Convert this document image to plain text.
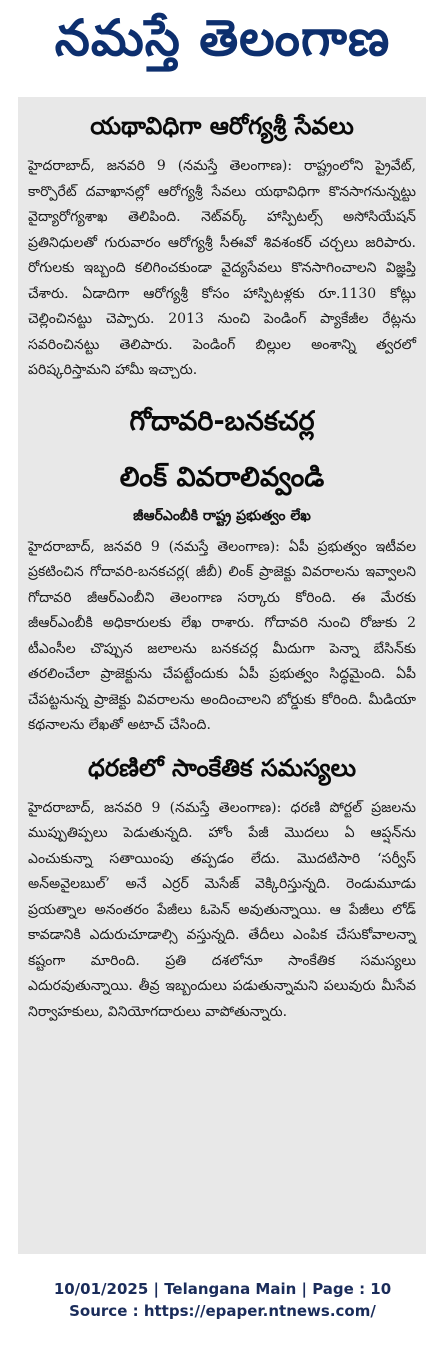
నమస్తే తెలంగాణ
యథావిధిగా ఆరోగ్యశ్రీ సేవలు

హైదరాబాద్, జనవరి 9 (నమస్తే తెలంగాణ): రాష్ట్రంలోని ప్రైవేట్, కార్పొరేట్ దవాఖానల్లో ఆరోగ్యశ్రీ సేవలు యథావిధిగా కొనసాగనున్నట్టు వైద్యారోగ్యశాఖ తెలిపింది. నెట్‌వర్క్ హాస్పిటల్స్ అసోసియేషన్ ప్రతినిధులతో గురువారం ఆరోగ్యశ్రీ సీఈవో శివశంకర్ చర్చలు జరిపారు. రోగులకు ఇబ్బంది కలిగించకుండా వైద్యసేవలు కొనసాగించాలని విజ్ఞప్తి చేశారు. ఏడాదిగా ఆరోగ్యశ్రీ కోసం హాస్పిటళ్లకు రూ.1130 కోట్లు చెల్లించినట్టు చెప్పారు. 2013 నుంచి పెండింగ్ ప్యాకేజీల రేట్లను సవరించినట్టు తెలిపారు. పెండింగ్ బిల్లుల అంశాన్ని త్వరలో పరిష్కరిస్తామని హామీ ఇచ్చారు.

గోదావరి-బనకచర్ల
లింక్ వివరాలివ్వండి
జీఆర్‌ఎంబీకి రాష్ట్ర ప్రభుత్వం లేఖ

హైదరాబాద్, జనవరి 9 (నమస్తే తెలంగాణ): ఏపీ ప్రభుత్వం ఇటీవల ప్రకటించిన గోదావరి-బనకచర్ల( జీబీ) లింక్ ప్రాజెక్టు వివరాలను ఇవ్వాలని గోదావరి జీఆర్‌ఎంబీని తెలంగాణ సర్కారు కోరింది. ఈ మేరకు జీఆర్‌ఎంబీకి అధికారులకు లేఖ రాశారు. గోదావరి నుంచి రోజుకు 2 టీఎంసీల చొప్పున జలాలను బనకచర్ల మీదుగా పెన్నా బేసిన్‌కు తరలించేలా ప్రాజెక్టును చేపట్టేందుకు ఏపీ ప్రభుత్వం సిద్ధమైంది. ఏపీ చేపట్టనున్న ప్రాజెక్టు వివరాలను అందించాలని బోర్డుకు కోరింది. మీడియా కథనాలను లేఖతో అటాచ్ చేసింది.

ధరణిలో సాంకేతిక సమస్యలు

హైదరాబాద్, జనవరి 9 (నమస్తే తెలంగాణ): ధరణి పోర్టల్ ప్రజలను ముప్పుతిప్పలు పెడుతున్నది. హోం పేజీ మొదలు ఏ ఆప్షన్‌ను ఎంచుకున్నా సతాయింపు తప్పడం లేదు. మొదటిసారి ‘సర్వీస్ అన్‌అవైలబుల్’ అనే ఎర్రర్ మెసేజ్ వెక్కిరిస్తున్నది. రెండుమూడు ప్రయత్నాల అనంతరం పేజీలు ఓపెన్ అవుతున్నాయి. ఆ పేజీలు లోడ్ కావడానికి ఎదురుచూడాల్సి వస్తున్నది. తేదీలు ఎంపిక చేసుకోవాలన్నా కష్టంగా మారింది. ప్రతి దశలోనూ సాంకేతిక సమస్యలు ఎదురవుతున్నాయి. తీవ్ర ఇబ్బందులు పడుతున్నామని పలువురు మీసేవ నిర్వాహకులు, వినియోగదారులు వాపోతున్నారు.

10/01/2025 | Telangana Main | Page : 10
Source : https://epaper.ntnews.com/
